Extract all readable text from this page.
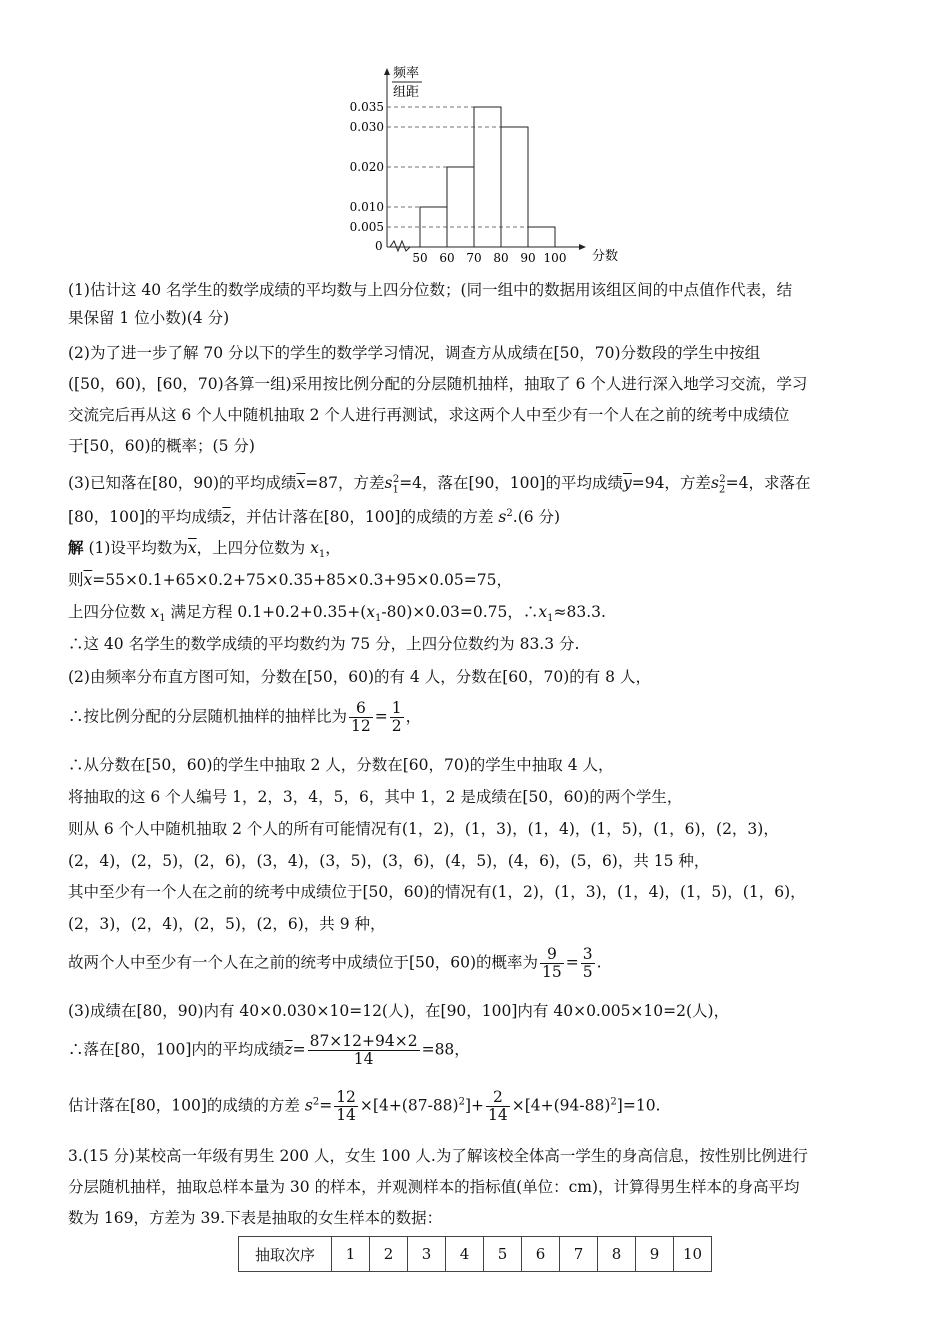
频率
组距
0
分数
0.005
0.010
0.020
0.030
0.035
50 60 70 80 90 100
(1)估计这 40 名学生的数学成绩的平均数与上四分位数；(同一组中的数据用该组区间的中点值作代表，结
果保留 1 位小数)(4 分)
(2)为了进一步了解 70 分以下的学生的数学学习情况，调查方从成绩在[50，70)分数段的学生中按组
([50，60)，[60，70)各算一组)采用按比例分配的分层随机抽样，抽取了 6 个人进行深入地学习交流，学习
交流完后再从这 6 个人中随机抽取 2 个人进行再测试，求这两个人中至少有一个人在之前的统考中成绩位
于[50，60)的概率；(5 分)
(3)已知落在[80，90)的平均成绩$\overline{x}=87$，方差$s_1^2=4$，落在[90，100]的平均成绩$\overline{y}=94$，方差$s_2^2=4$，求落在
[80，100]的平均成绩$\overline{z}$，并估计落在[80，100]的成绩的方差 $s^2.(6$ 分)
解 (1)设平均数为$\overline{x}$，上四分位数为 $x_1$，
则$\overline{x}=55\times 0.1+65\times 0.2+75\times 0.35+85\times 0.3+95\times 0.05=75$，
上四分位数 $x_1$ 满足方程 $0.1+0.2+0.35+(x_1-80)\times 0.03=0.75$，$\therefore x_1\approx 83.3$.
∴这 40 名学生的数学成绩的平均数约为 75 分，上四分位数约为 83.3 分.
(2)由频率分布直方图可知，分数在[50，60)的有 4 人，分数在[60，70)的有 8 人，
∴按比例分配的分层随机抽样的抽样比为 $\frac{6}{12} = \frac{1}{2}$ ，
∴从分数在[50，60)的学生中抽取 2 人，分数在[60，70)的学生中抽取 4 人，
将抽取的这 6 个人编号 1，2，3，4，5，6，其中 1，2 是成绩在[50，60)的两个学生，
则从 6 个人中随机抽取 2 个人的所有可能情况有(1，2)，(1，3)，(1，4)，(1，5)，(1，6)，(2，3)，
(2，4)，(2，5)，(2，6)，(3，4)，(3，5)，(3，6)，(4，5)，(4，6)，(5，6)，共 15 种，
其中至少有一个人在之前的统考中成绩位于[50，60)的情况有(1，2)，(1，3)，(1，4)，(1，5)，(1，6)，
(2，3)，(2，4)，(2，5)，(2，6)，共 9 种，
故两个人中至少有一个人在之前的统考中成绩位于[50，60)的概率为 $\frac{9}{15} = \frac{3}{5}$ .
(3)成绩在[80，90)内有 40×0.030×10=12(人)，在[90，100]内有 40×0.005×10=2(人)，
∴落在[80，100]内的平均成绩$\overline{z}= \frac{87\times 12+94\times 2}{14} =88$，
估计落在[80，100]的成绩的方差 $s^2= \frac{12}{14} \times[4+(87-88)^2]+ \frac{2}{14} \times[4+(94-88)^2]=10$.
3.(15 分)某校高一年级有男生 200 人，女生 100 人.为了解该校全体高一学生的身高信息，按性别比例进行
分层随机抽样，抽取总样本量为 30 的样本，并观测样本的指标值(单位：cm)，计算得男生样本的身高平均
数为 169，方差为 39.下表是抽取的女生样本的数据：
抽取次序	1	2	3	4	5	6	7	8	9	10
